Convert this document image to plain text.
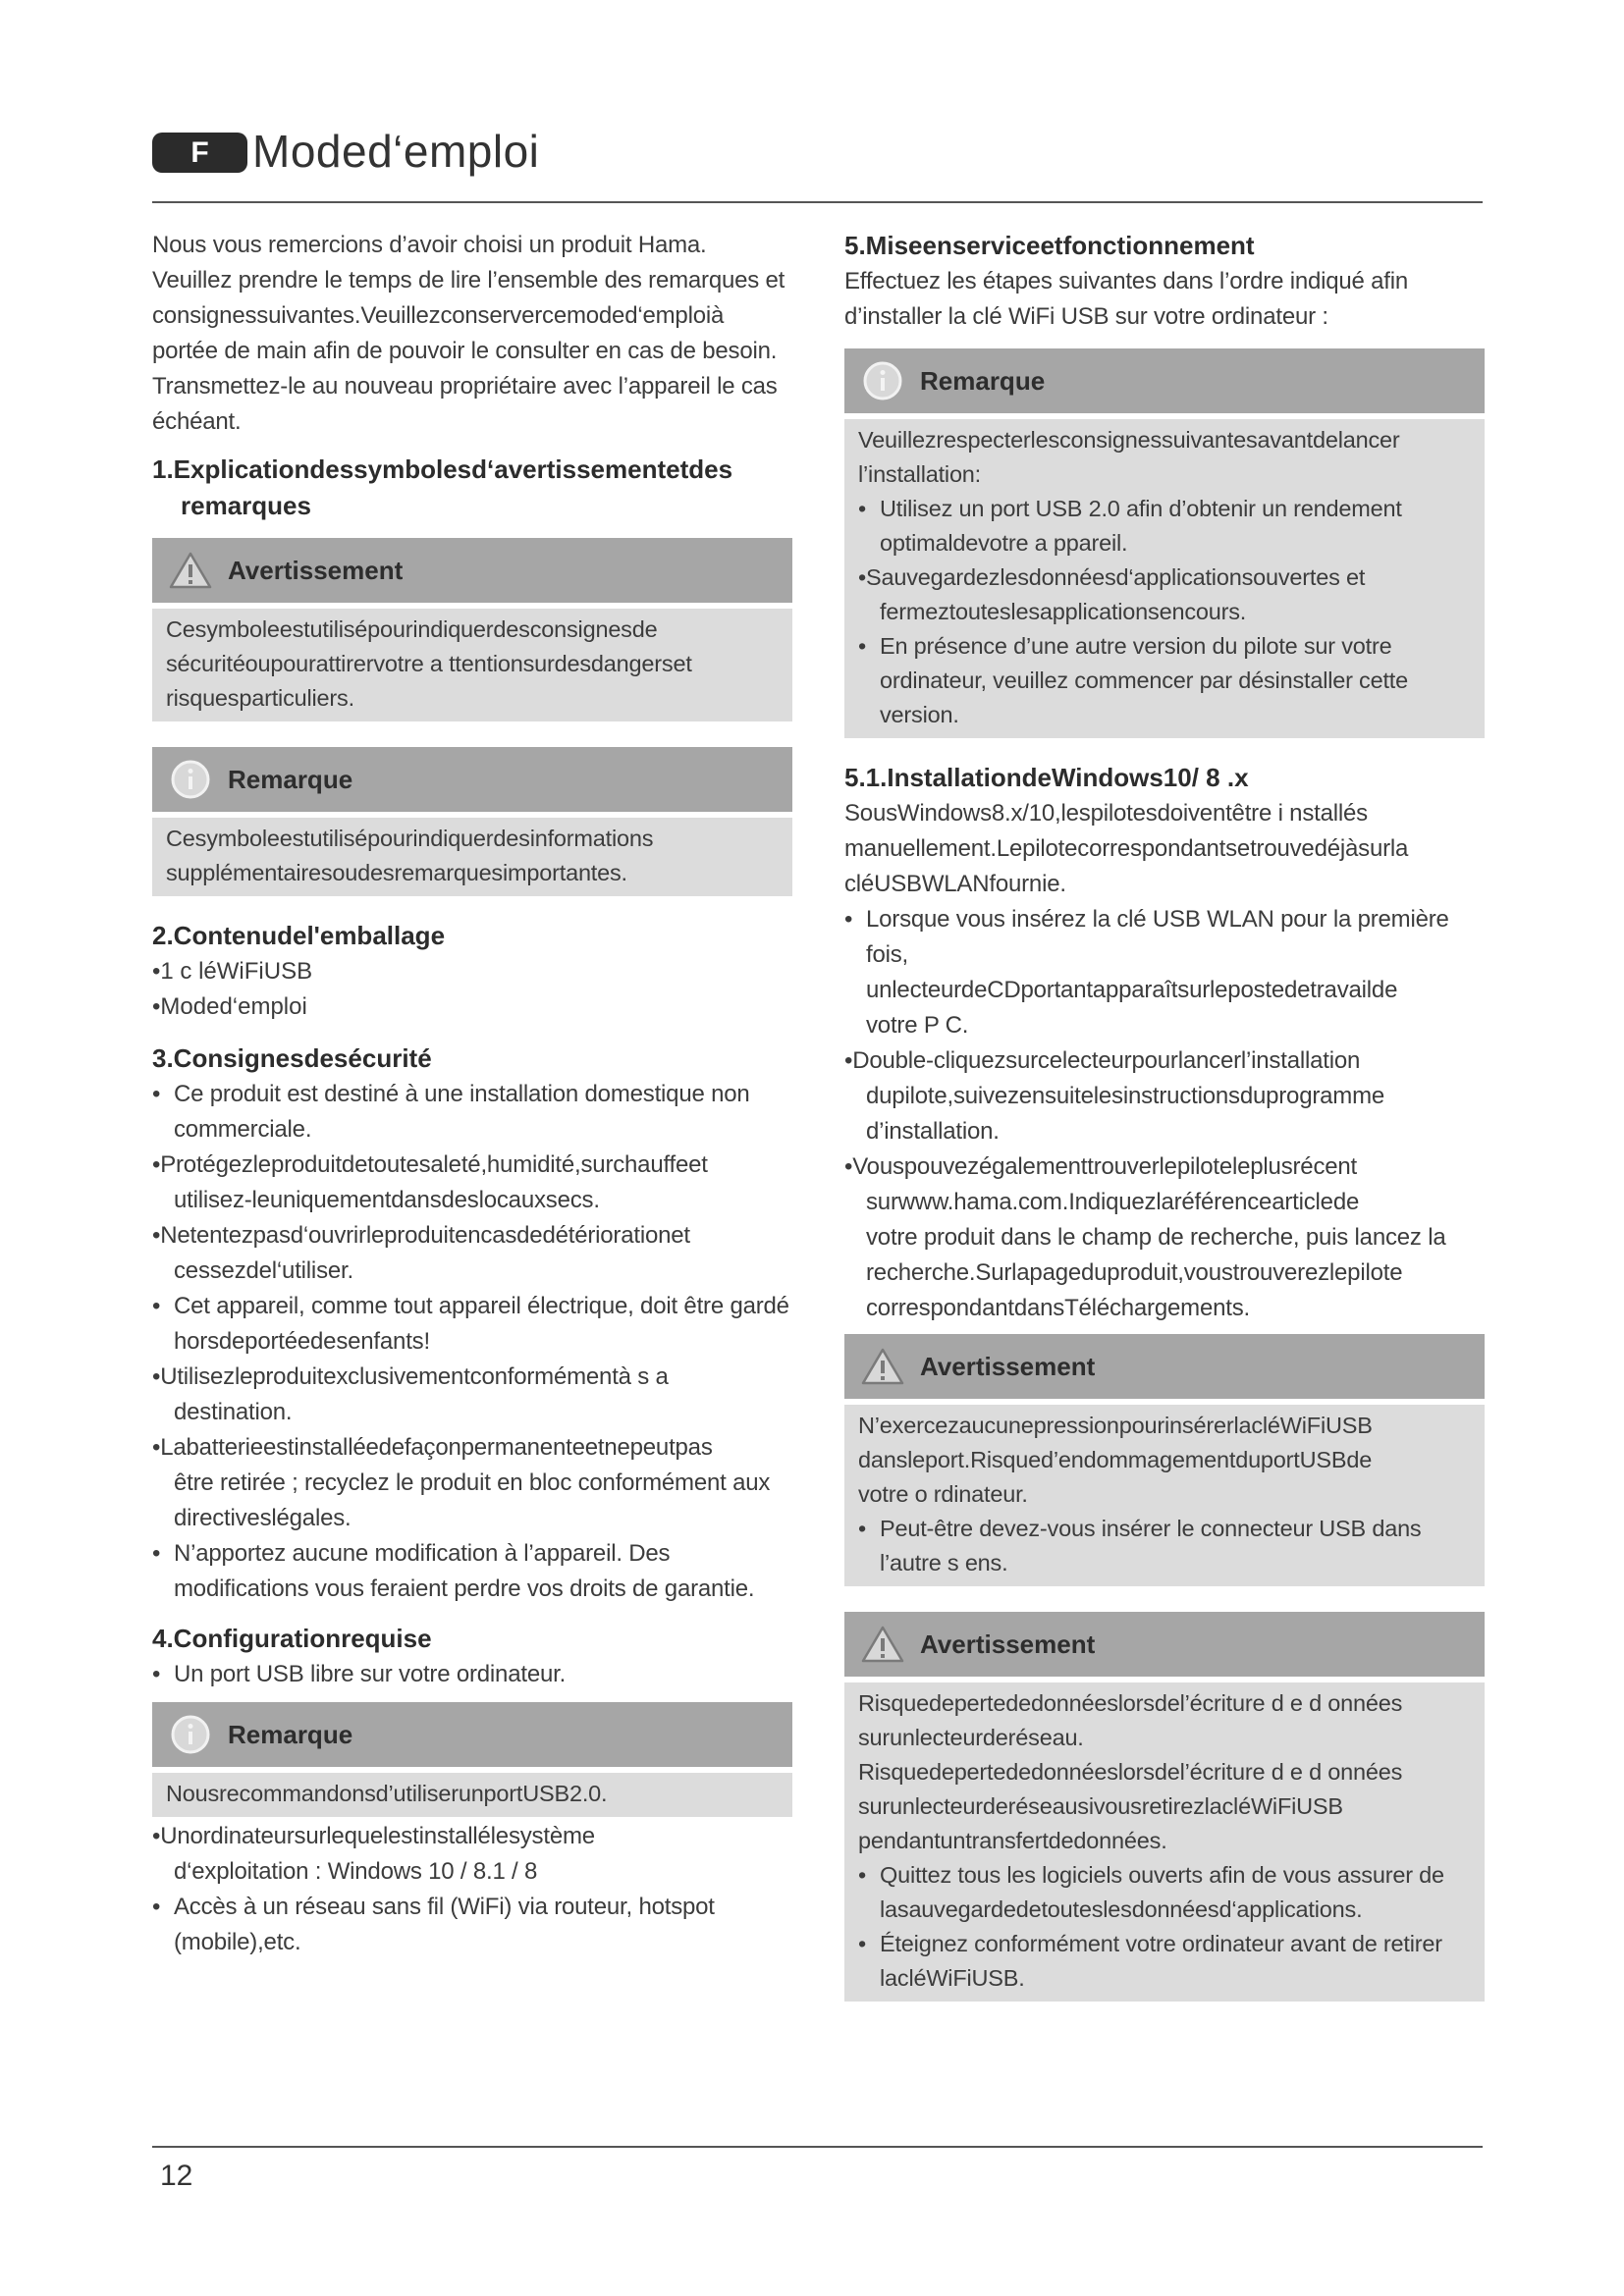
F Moded‘emploi

Nous vous remercions d’avoir choisi un produit Hama.

Veuillez prendre le temps de lire l’ensemble des remarques et

consignessuivantes.Veuillezconservercemoded‘emploià

portée de main afin de pouvoir le consulter en cas de besoin.

Transmettez-le au nouveau propriétaire avec l’appareil le cas

échéant.

1.Explicationdessymbolesd‘avertissementetdes
remarques
Avertissement

Cesymboleestutilisépourindiquerdesconsignesde

sécuritéoupourattirervotre a ttentionsurdesdangerset

risquesparticuliers.

Remarque

Cesymboleestutilisépourindiquerdesinformations

supplémentairesoudesremarquesimportantes.

2.Contenudel'emballage

•1 c léWiFiUSB

•Moded‘emploi

3.Consignesdesécurité

• Ce produit est destiné à une installation domestique non
commerciale.

•Protégezleproduitdetoutesaleté,humidité,surchauffeet
utilisez-leuniquementdansdeslocauxsecs.

•Netentezpasd‘ouvrirleproduitencasdedétériorationet
cessezdel‘utiliser.

• Cet appareil, comme tout appareil électrique, doit être gardé
horsdeportéedesenfants!

•Utilisezleproduitexclusivementconformémentà s a
destination.

•Labatterieestinstalléedefaçonpermanenteetnepeutpas
être retirée ; recyclez le produit en bloc conformément aux
directiveslégales.

• N’apportez aucune modification à l’appareil. Des
modifications vous feraient perdre vos droits de garantie.

4.Configurationrequise

• Un port USB libre sur votre ordinateur.

Remarque

Nousrecommandonsd’utiliserunportUSB2.0.

•Unordinateursurlequelestinstallélesystème
d‘exploitation : Windows 10 / 8.1 / 8

• Accès à un réseau sans fil (WiFi) via routeur, hotspot
(mobile),etc.

5.Miseenserviceetfonctionnement

Effectuez les étapes suivantes dans l’ordre indiqué afin

d’installer la clé WiFi USB sur votre ordinateur :

Remarque

Veuillezrespecterlesconsignessuivantesavantdelancer

l’installation:

• Utilisez un port USB 2.0 afin d’obtenir un rendement
optimaldevotre a ppareil.

•Sauvegardezlesdonnéesd‘applicationsouvertes et
fermeztouteslesapplicationsencours.

• En présence d’une autre version du pilote sur votre
ordinateur, veuillez commencer par désinstaller cette
version.

5.1.InstallationdeWindows10/ 8 .x

SousWindows8.x/10,lespilotesdoiventêtre i nstallés

manuellement.Lepilotecorrespondantsetrouvedéjàsurla

cléUSBWLANfournie.

• Lorsque vous insérez la clé USB WLAN pour la première fois,
unlecteurdeCDportantapparaîtsurlepostedetravailde
votre P C.

•Double-cliquezsurcelecteurpourlancerl’installation
dupilote,suivezensuitelesinstructionsduprogramme
d’installation.

•Vouspouvezégalementtrouverlepiloteleplusrécent
surwww.hama.com.Indiquezlaréférencearticlede
votre produit dans le champ de recherche, puis lancez la
recherche.Surlapageduproduit,voustrouverezlepilote
correspondantdansTéléchargements.

Avertissement

N’exercezaucunepressionpourinsérerlacléWiFiUSB

dansleport.Risqued’endommagementduportUSBde

votre o rdinateur.

• Peut-être devez-vous insérer le connecteur USB dans
l’autre s ens.

Avertissement

Risquedepertededonnéeslorsdel’écriture d e d onnées

surunlecteurderéseau.

Risquedepertededonnéeslorsdel’écriture d e d onnées

surunlecteurderéseausivousretirezlacléWiFiUSB

pendantuntransfertdedonnées.

• Quittez tous les logiciels ouverts afin de vous assurer de
lasauvegardedetouteslesdonnéesd‘applications.

• Éteignez conformément votre ordinateur avant de retirer
lacléWiFiUSB.

12
